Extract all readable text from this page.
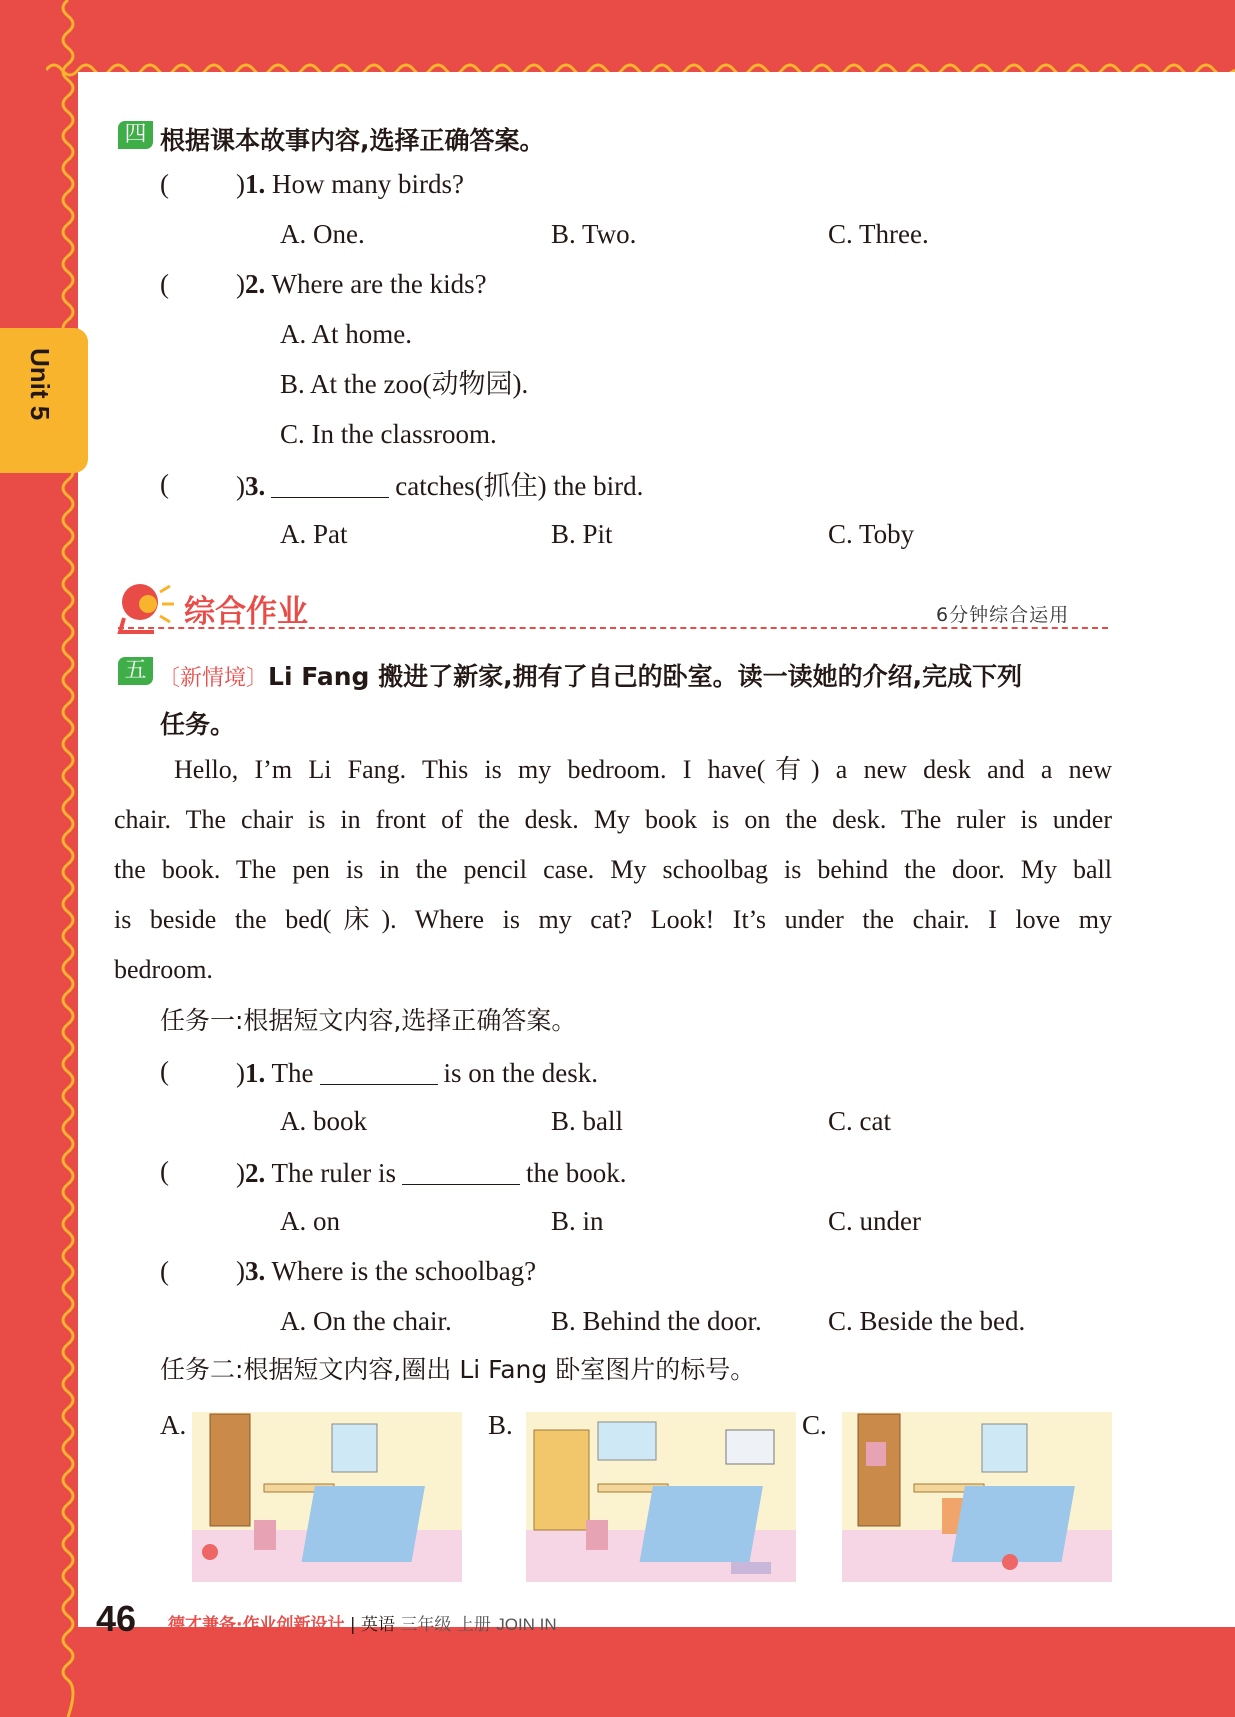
Unit 5
四 根据课本故事内容,选择正确答案。
( )1. How many birds?
A. One.	B. Two.	C. Three.
( )2. Where are the kids?
A. At home.
B. At the zoo(动物园).
C. In the classroom.
( )3.	catches(抓住) the bird.
A. Pat	B. Pit	C. Toby
综合作业	6分钟综合运用
五 〔新情境〕Li Fang 搬进了新家,拥有了自己的卧室。读一读她的介绍,完成下列
任务。
Hello, I’m Li Fang. This is my bedroom. I have(有) a new desk and a new
chair. The chair is in front of the desk. My book is on the desk. The ruler is under
the book. The pen is in the pencil case. My schoolbag is behind the door. My ball
is beside the bed(床). Where is my cat? Look! It’s under the chair. I love my
bedroom.
任务一:根据短文内容,选择正确答案。
( )1. The	is on the desk.
A. book	B. ball	C. cat
( )2. The ruler is	the book.
A. on	B. in	C. under
( )3. Where is the schoolbag?
A. On the chair.	B. Behind the door. C. Beside the bed.
任务二:根据短文内容,圈出 Li Fang 卧室图片的标号。
A.	B.	C.
46 德才兼备·作业创新设计 | 英语 三年级 上册 JOIN IN
